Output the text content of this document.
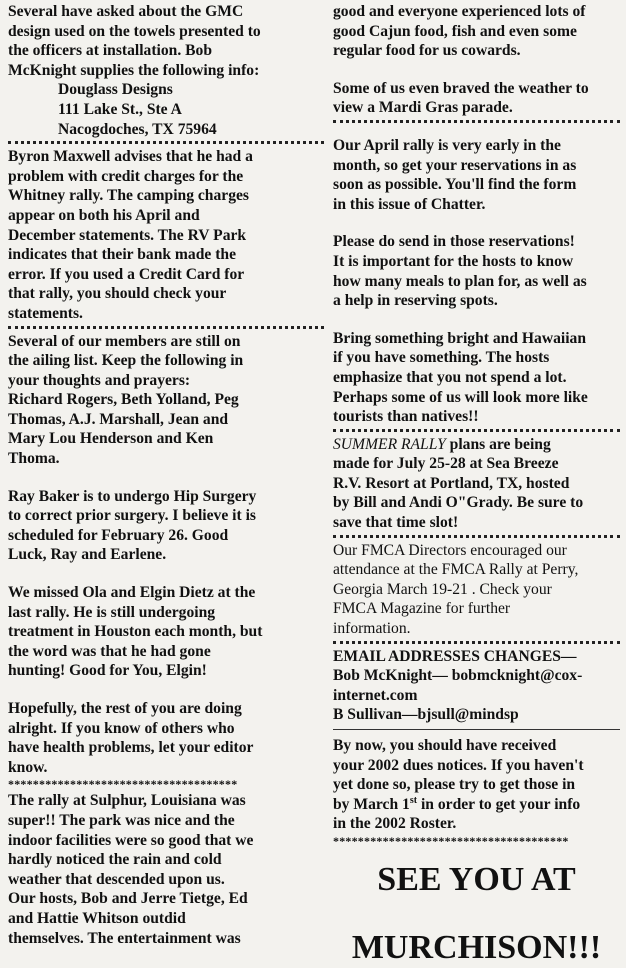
Several have asked about the GMC
design used on the towels presented to
the officers at installation. Bob
McKnight supplies the following info:
Douglass Designs
111 Lake St., Ste A
Nacogdoches, TX 75964

Byron Maxwell advises that he had a
problem with credit charges for the
Whitney rally. The camping charges
appear on both his April and
December statements. The RV Park
indicates that their bank made the
error. If you used a Credit Card for
that rally, you should check your
statements.

Several of our members are still on
the ailing list. Keep the following in
your thoughts and prayers:
Richard Rogers, Beth Yolland, Peg
Thomas, A.J. Marshall, Jean and
Mary Lou Henderson and Ken
Thoma.

Ray Baker is to undergo Hip Surgery
to correct prior surgery. I believe it is
scheduled for February 26. Good
Luck, Ray and Earlene.

We missed Ola and Elgin Dietz at the
last rally. He is still undergoing
treatment in Houston each month, but
the word was that he had gone
hunting! Good for You, Elgin!

Hopefully, the rest of you are doing
alright. If you know of others who
have health problems, let your editor
know.

*************************************

The rally at Sulphur, Louisiana was
super!! The park was nice and the
indoor facilities were so good that we
hardly noticed the rain and cold
weather that descended upon us.
Our hosts, Bob and Jerre Tietge, Ed
and Hattie Whitson outdid
themselves. The entertainment was

good and everyone experienced lots of
good Cajun food, fish and even some
regular food for us cowards.

Some of us even braved the weather to
view a Mardi Gras parade.

Our April rally is very early in the
month, so get your reservations in as
soon as possible. You'll find the form
in this issue of Chatter.

Please do send in those reservations!
It is important for the hosts to know
how many meals to plan for, as well as
a help in reserving spots.

Bring something bright and Hawaiian
if you have something. The hosts
emphasize that you not spend a lot.
Perhaps some of us will look more like
tourists than natives!!

SUMMER RALLY plans are being
made for July 25-28 at Sea Breeze
R.V. Resort at Portland, TX, hosted
by Bill and Andi O"Grady. Be sure to
save that time slot!

Our FMCA Directors encouraged our
attendance at the FMCA Rally at Perry,
Georgia March 19-21 . Check your
FMCA Magazine for further
information.

EMAIL ADDRESSES CHANGES—
Bob McKnight— bobmcknight@cox-
internet.com
B Sullivan—bjsull@mindsp

By now, you should have received
your 2002 dues notices. If you haven't
yet done so, please try to get those in
by March 1st in order to get your info
in the 2002 Roster.

**************************************

SEE YOU AT
MURCHISON!!!
